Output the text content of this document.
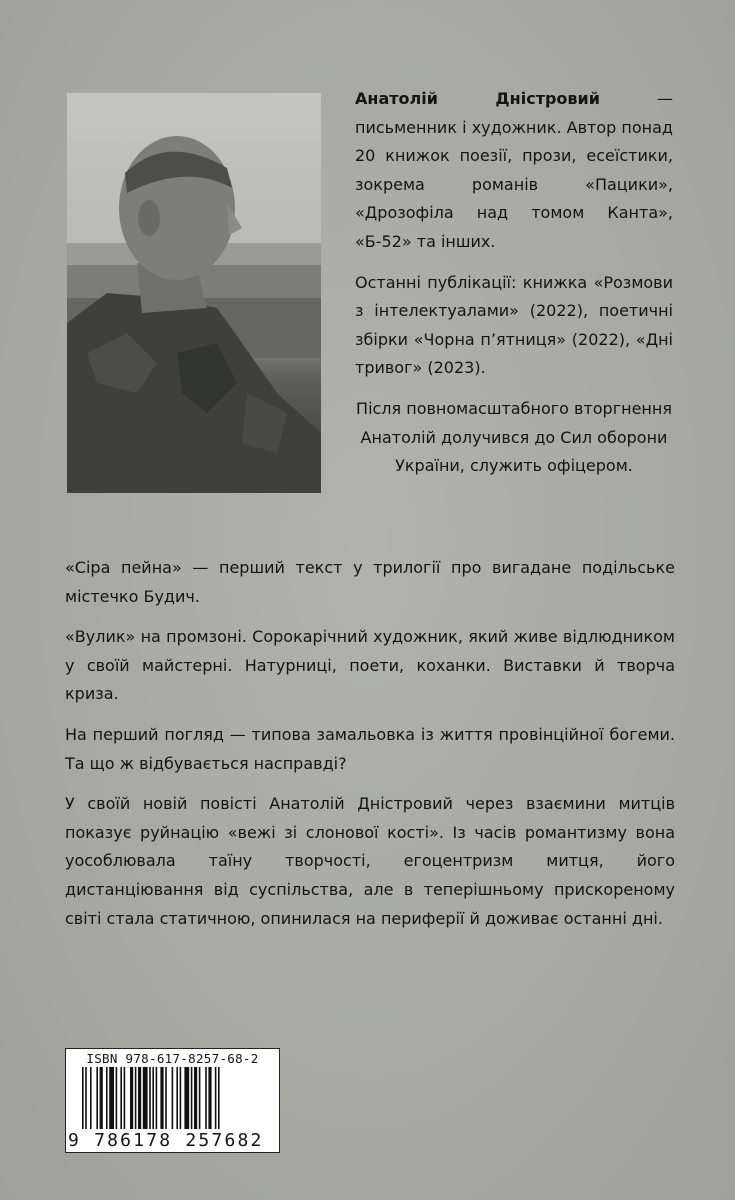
Анатолій Дністровий — письменник і художник. Автор понад 20 книжок поезії, прози, есеїстики, зокрема романів «Пацики», «Дрозофіла над томом Канта», «Б-52» та інших.

Останні публікації: книжка «Розмови з інтелектуалами» (2022), поетичні збірки «Чорна п’ятниця» (2022), «Дні тривог» (2023).

Після повномасштабного вторгнення Анатолій долучився до Сил оборони України, служить офіцером.

«Сіра пейна» — перший текст у трилогії про вигадане подільське містечко Будич.

«Вулик» на промзоні. Сорокарічний художник, який живе відлюдником у своїй майстерні. Натурниці, поети, коханки. Виставки й творча криза.

На перший погляд — типова замальовка із життя провінційної богеми. Та що ж відбувається насправді?

У своїй новій повісті Анатолій Дністровий через взаємини митців показує руйнацію «вежі зі слонової кості». Із часів романтизму вона уособлювала таїну творчості, егоцентризм митця, його дистанціювання від суспільства, але в теперішньому прискореному світі стала статичною, опинилася на периферії й доживає останні дні.

ISBN 978-617-8257-68-2
9 786178 257682
